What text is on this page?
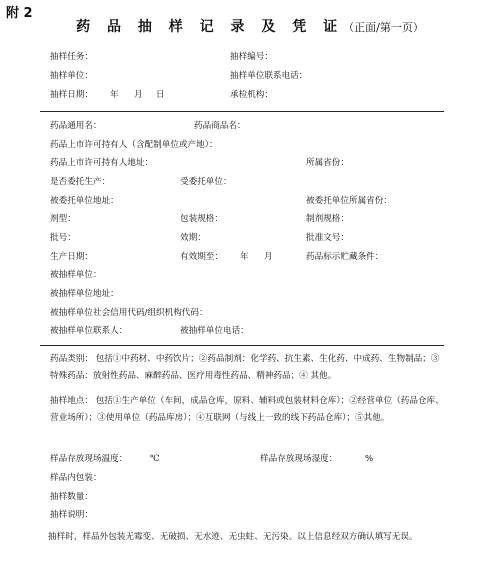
附 2
药 品 抽 样 记 录 及 凭 证（正面/第一页）
抽样任务：	抽样编号：
抽样单位：	抽样单位联系电话：
抽样日期： 年 月 日	承检机构：
药品通用名：	药品商品名：
药品上市许可持有人（含配制单位或产地）：
药品上市许可持有人地址：	所属省份：
是否委托生产：	受委托单位：
被委托单位地址：	被委托单位所属省份：
剂型：	包装规格：	制剂规格：
批号：	效期：	批准文号：
生产日期：	有效期至： 年 月	药品标示贮藏条件：
被抽样单位：
被抽样单位地址：
被抽样单位社会信用代码/组织机构代码：
被抽样单位联系人：	被抽样单位电话：
药品类别： 包括①中药材、中药饮片；②药品制剂：化学药、抗生素、生化药、中成药、生物制品；③特殊药品：放射性药品、麻醉药品、医疗用毒性药品、精神药品；④ 其他。
抽样地点： 包括①生产单位（车间，成品仓库，原料、辅料或包装材料仓库）；②经营单位（药品仓库、营业场所）；③使用单位（药品库房）；④互联网（与线上一致的线下药品仓库）；⑤其他。
样品存放现场温度：	℃	样品存放现场湿度：	%
样品内包装：
抽样数量：
抽样说明：
抽样时，样品外包装无霉变、无破损、无水迹、无虫蛀、无污染。以上信息经双方确认填写无误。
